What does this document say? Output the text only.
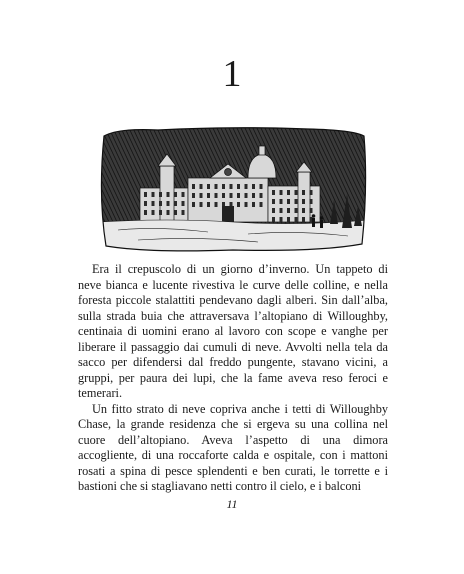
1

Era il crepuscolo di un giorno d’inverno. Un tappeto di neve bianca e lucente rivestiva le curve delle colline, e nella foresta piccole stalattiti pendevano dagli alberi. Sin dall’alba, sulla strada buia che attraversava l’altopiano di Willoughby, centinaia di uomini erano al lavoro con scope e vanghe per liberare il passaggio dai cumuli di neve. Avvolti nella tela da sacco per difendersi dal freddo pungente, stavano vicini, a gruppi, per paura dei lupi, che la fame aveva reso feroci e temerari.

Un fitto strato di neve copriva anche i tetti di Willoughby Chase, la grande residenza che si ergeva su una collina nel cuore dell’altopiano. Aveva l’aspetto di una dimora accogliente, di una roccaforte calda e ospitale, con i mattoni rosati a spina di pesce splendenti e ben curati, le torrette e i bastioni che si stagliavano netti contro il cielo, e i balconi

11
